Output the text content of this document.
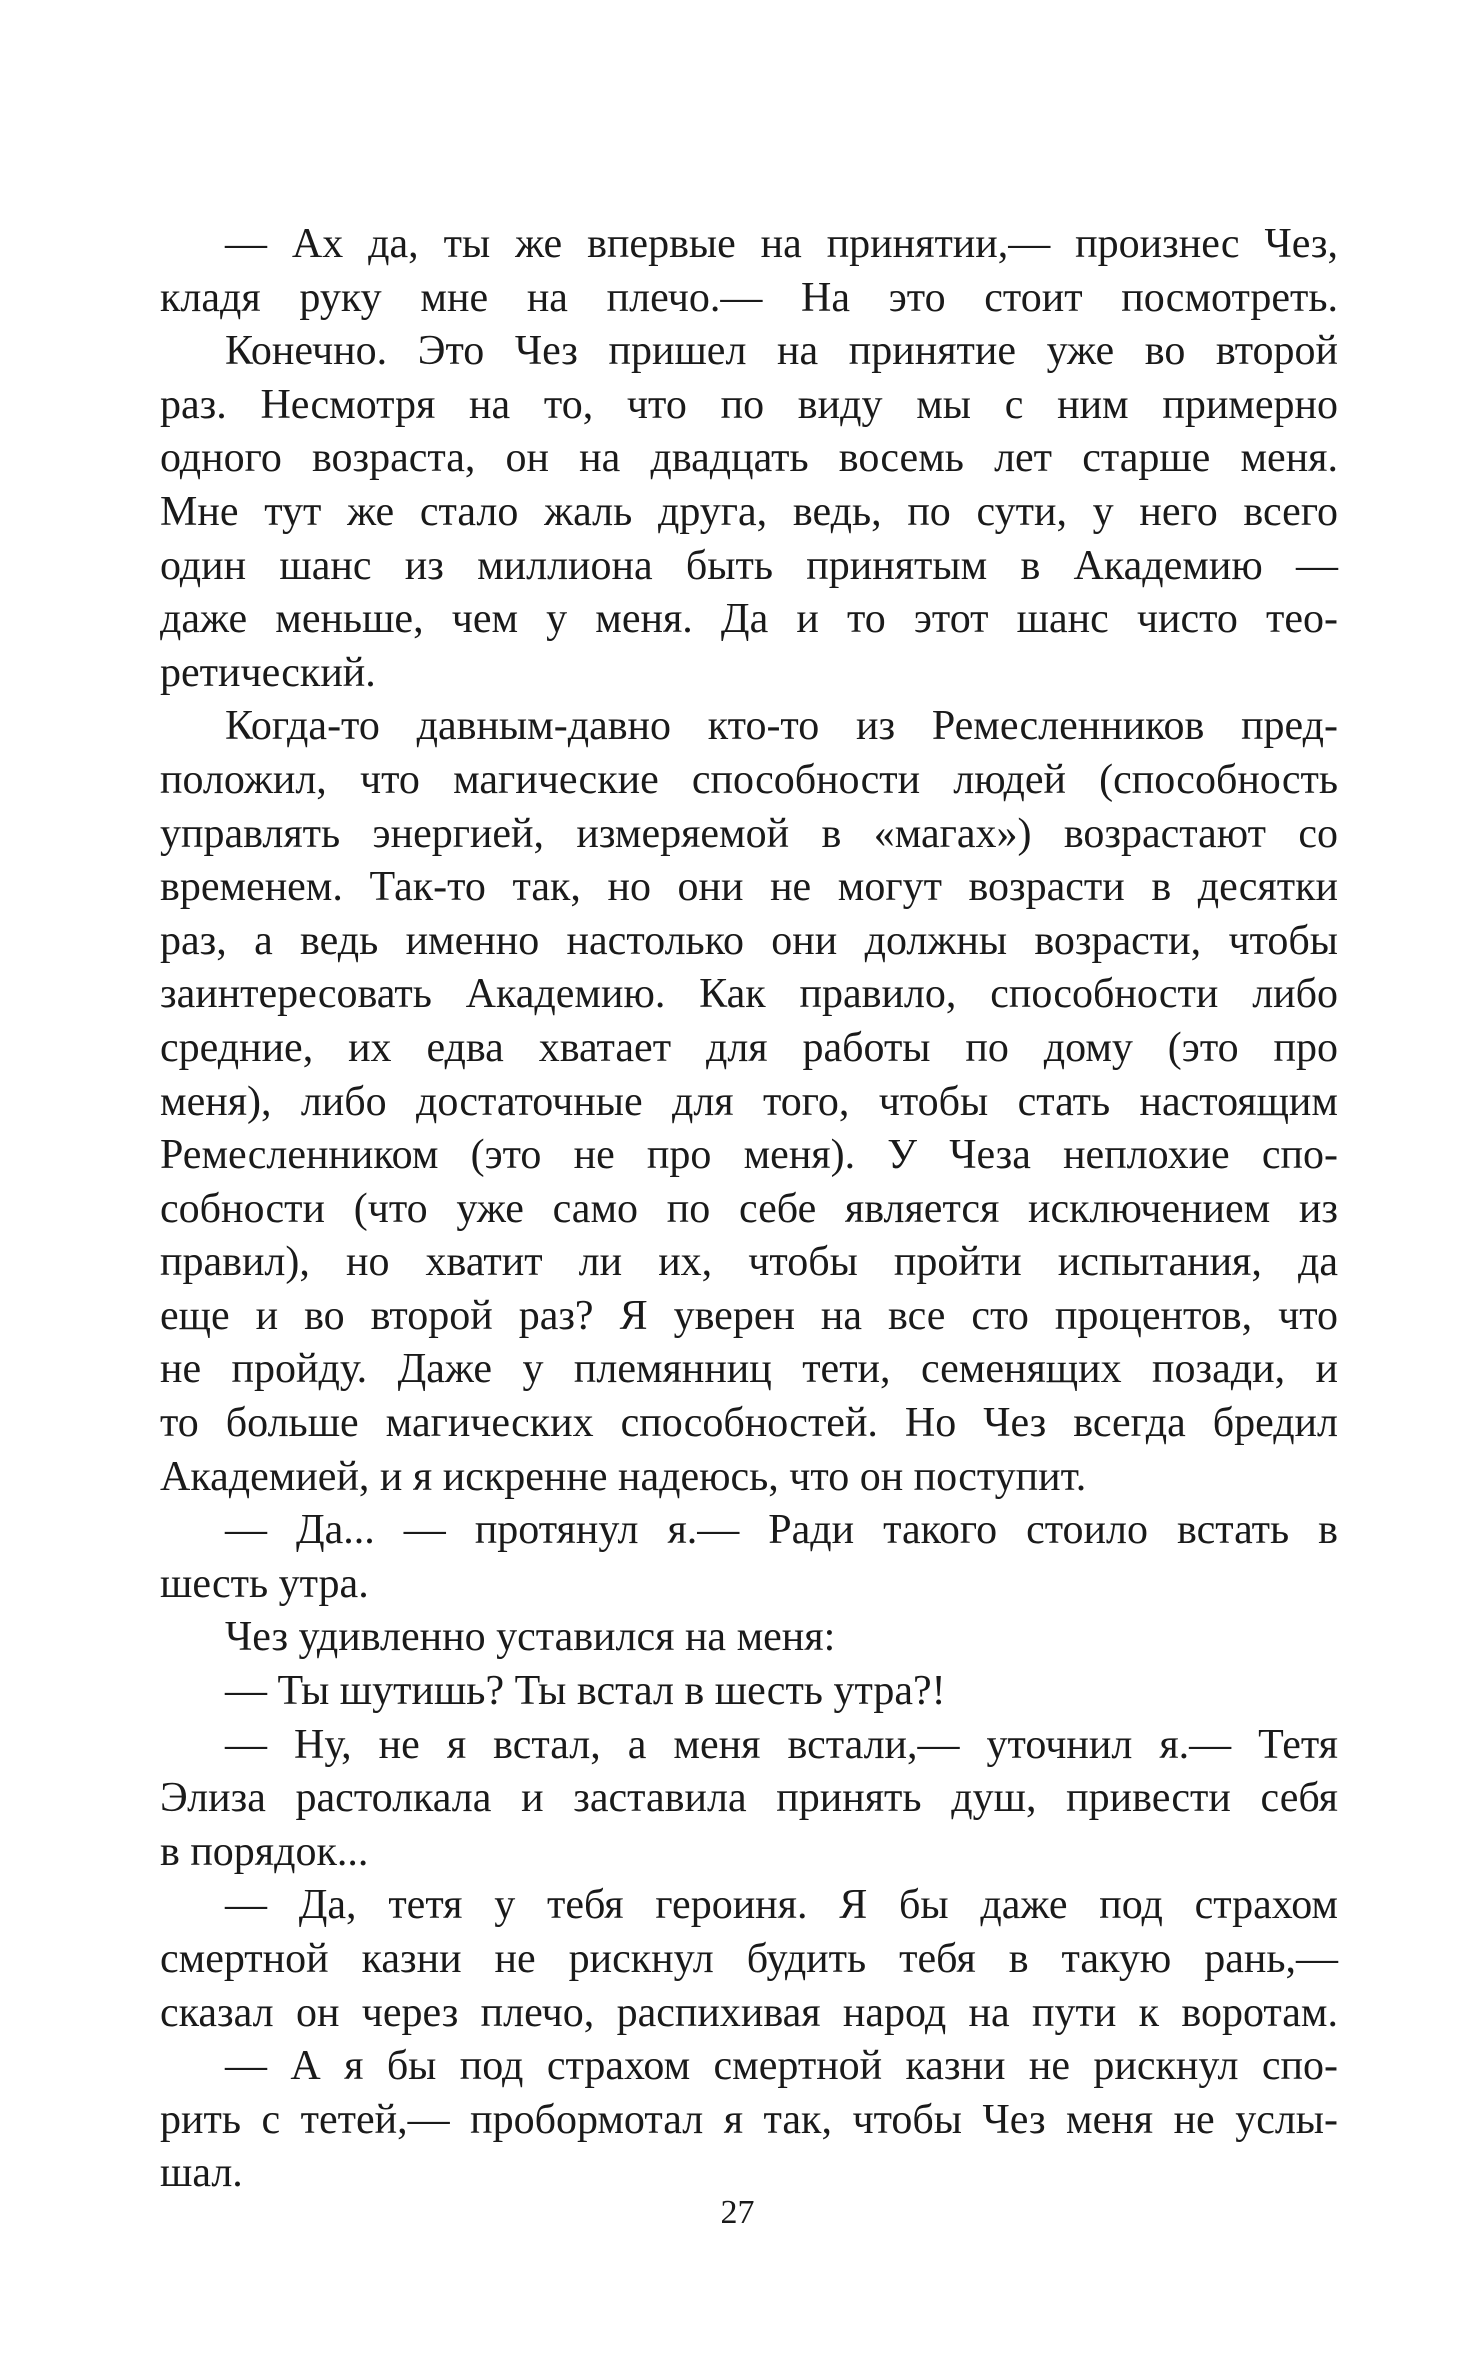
— Ах да, ты же впервые на принятии,— произнес Чез,
кладя руку мне на плечо.— На это стоит посмотреть.
Конечно. Это Чез пришел на принятие уже во второй
раз. Несмотря на то, что по виду мы с ним примерно
одного возраста, он на двадцать восемь лет старше меня.
Мне тут же стало жаль друга, ведь, по сути, у него всего
один шанс из миллиона быть принятым в Академию —
даже меньше, чем у меня. Да и то этот шанс чисто тео-
ретический.
Когда-то давным-давно кто-то из Ремесленников пред-
положил, что магические способности людей (способность
управлять энергией, измеряемой в «магах») возрастают со
временем. Так-то так, но они не могут возрасти в десятки
раз, а ведь именно настолько они должны возрасти, чтобы
заинтересовать Академию. Как правило, способности либо
средние, их едва хватает для работы по дому (это про
меня), либо достаточные для того, чтобы стать настоящим
Ремесленником (это не про меня). У Чеза неплохие спо-
собности (что уже само по себе является исключением из
правил), но хватит ли их, чтобы пройти испытания, да
еще и во второй раз? Я уверен на все сто процентов, что
не пройду. Даже у племянниц тети, семенящих позади, и
то больше магических способностей. Но Чез всегда бредил
Академией, и я искренне надеюсь, что он поступит.
— Да... — протянул я.— Ради такого стоило встать в
шесть утра.
Чез удивленно уставился на меня:
— Ты шутишь? Ты встал в шесть утра?!
— Ну, не я встал, а меня встали,— уточнил я.— Тетя
Элиза растолкала и заставила принять душ, привести себя
в порядок...
— Да, тетя у тебя героиня. Я бы даже под страхом
смертной казни не рискнул будить тебя в такую рань,—
сказал он через плечо, распихивая народ на пути к воротам.
— А я бы под страхом смертной казни не рискнул спо-
рить с тетей,— пробормотал я так, чтобы Чез меня не услы-
шал.
27
